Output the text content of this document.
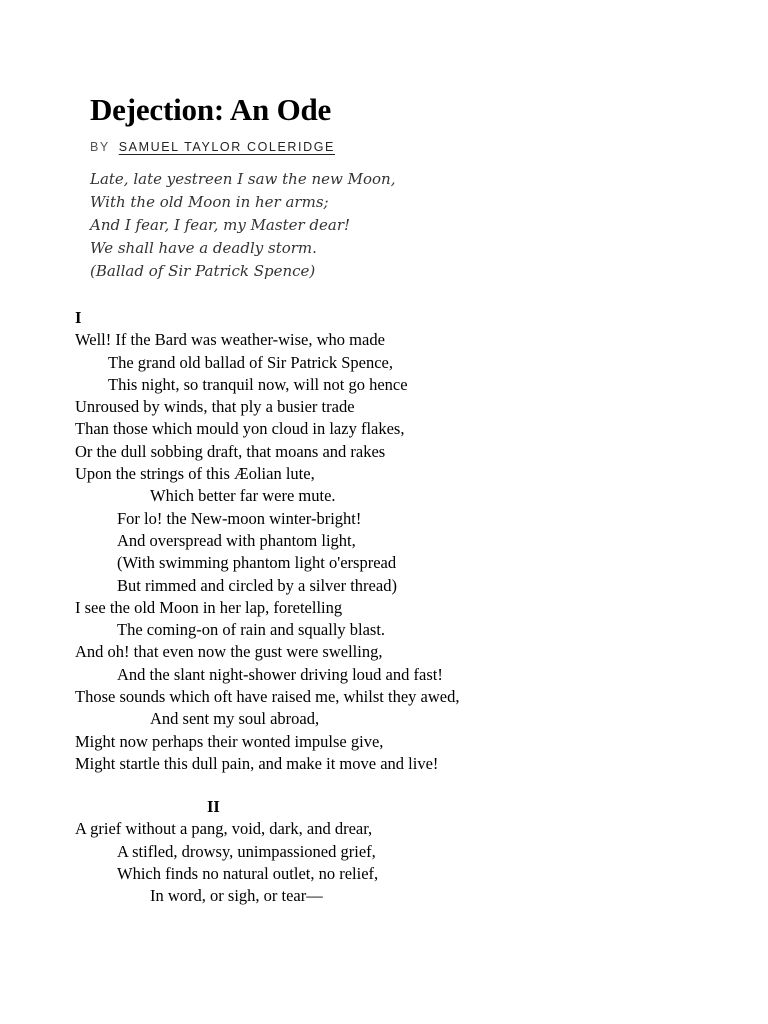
Dejection: An Ode
BY SAMUEL TAYLOR COLERIDGE
Late, late yestreen I saw the new Moon,
With the old Moon in her arms;
And I fear, I fear, my Master dear!
We shall have a deadly storm.
(Ballad of Sir Patrick Spence)
I
Well! If the Bard was weather-wise, who made
The grand old ballad of Sir Patrick Spence,
This night, so tranquil now, will not go hence
Unroused by winds, that ply a busier trade
Than those which mould yon cloud in lazy flakes,
Or the dull sobbing draft, that moans and rakes
Upon the strings of this Æolian lute,
Which better far were mute.
For lo! the New-moon winter-bright!
And overspread with phantom light,
(With swimming phantom light o'erspread
But rimmed and circled by a silver thread)
I see the old Moon in her lap, foretelling
The coming-on of rain and squally blast.
And oh! that even now the gust were swelling,
And the slant night-shower driving loud and fast!
Those sounds which oft have raised me, whilst they awed,
And sent my soul abroad,
Might now perhaps their wonted impulse give,
Might startle this dull pain, and make it move and live!
II
A grief without a pang, void, dark, and drear,
A stifled, drowsy, unimpassioned grief,
Which finds no natural outlet, no relief,
In word, or sigh, or tear—
